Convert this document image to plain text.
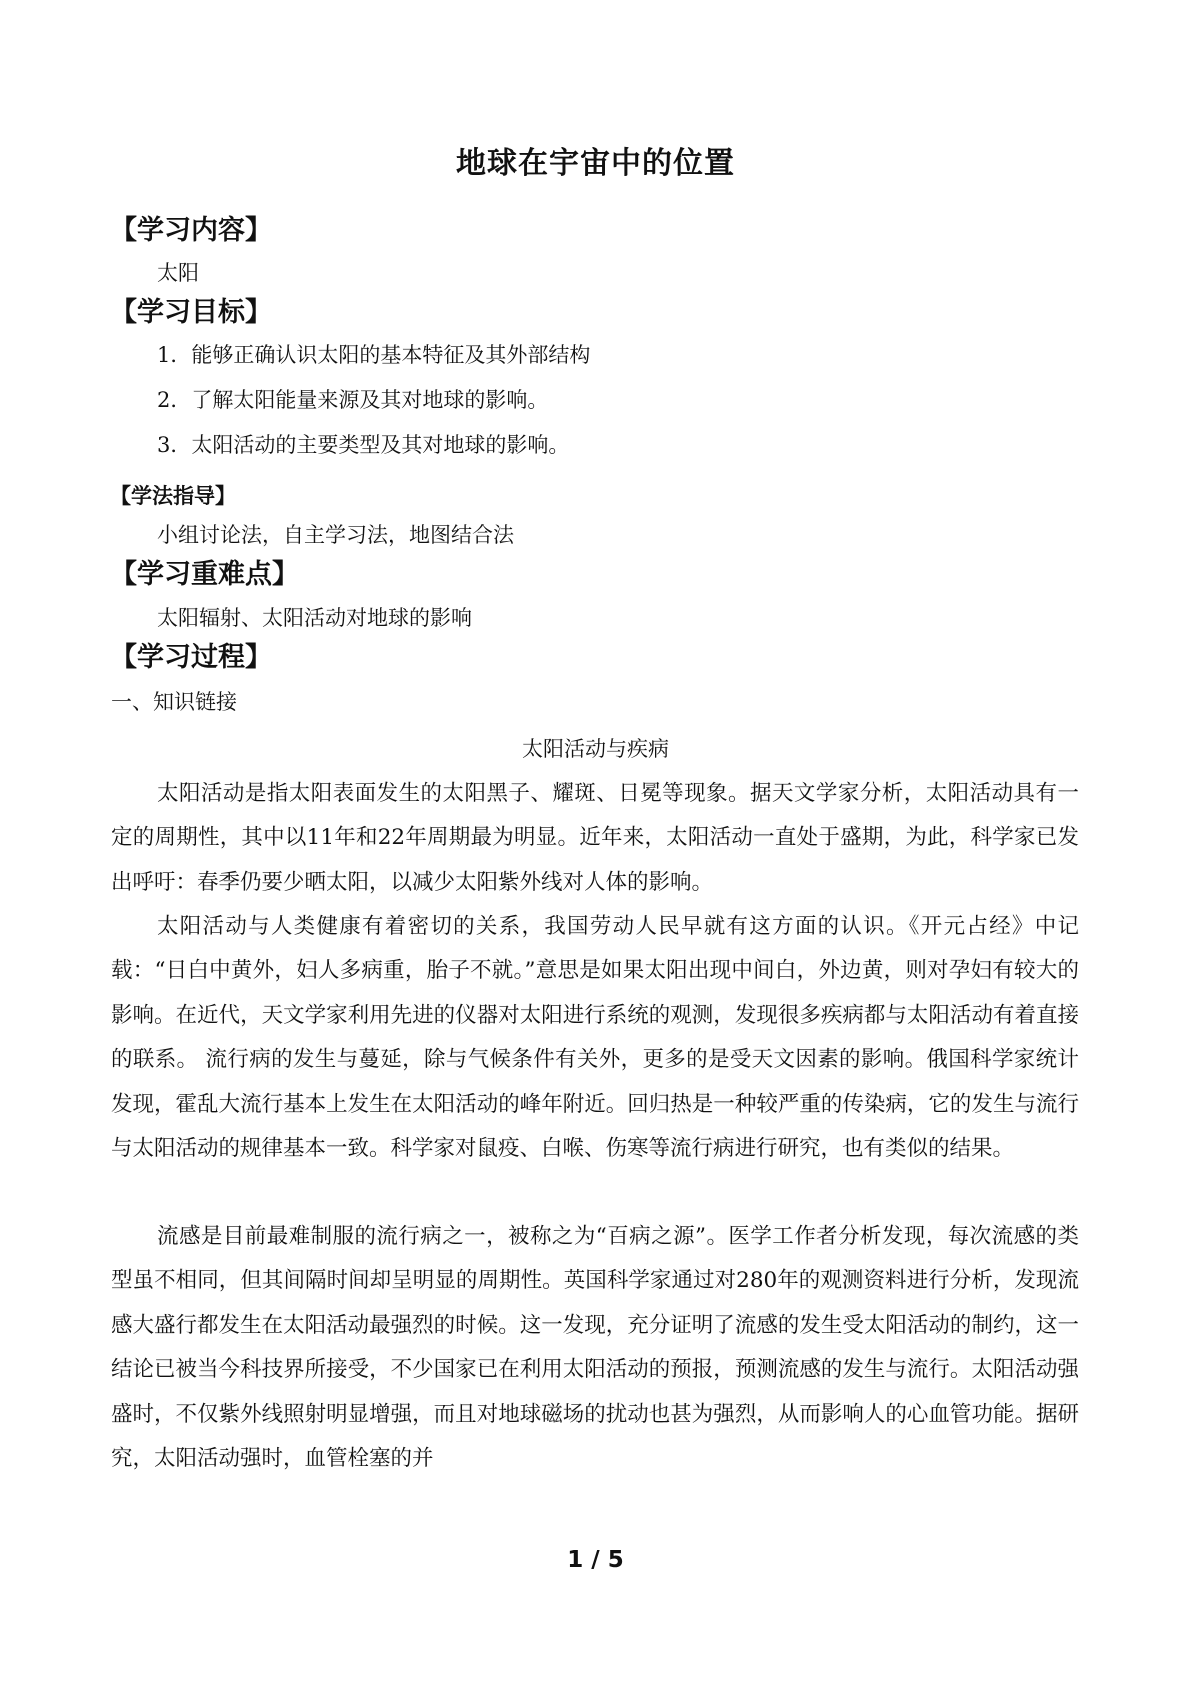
地球在宇宙中的位置
【学习内容】
太阳
【学习目标】
1．能够正确认识太阳的基本特征及其外部结构
2．了解太阳能量来源及其对地球的影响。
3．太阳活动的主要类型及其对地球的影响。
【学法指导】
小组讨论法，自主学习法，地图结合法
【学习重难点】
太阳辐射、太阳活动对地球的影响
【学习过程】
一、知识链接
太阳活动与疾病

太阳活动是指太阳表面发生的太阳黑子、耀斑、日冕等现象。据天文学家分析，太阳活动具有一定的周期性，其中以11年和22年周期最为明显。近年来，太阳活动一直处于盛期，为此，科学家已发出呼吁：春季仍要少晒太阳，以减少太阳紫外线对人体的影响。

太阳活动与人类健康有着密切的关系，我国劳动人民早就有这方面的认识。《开元占经》中记载：“日白中黄外，妇人多病重，胎子不就。”意思是如果太阳出现中间白，外边黄，则对孕妇有较大的影响。在近代，天文学家利用先进的仪器对太阳进行系统的观测，发现很多疾病都与太阳活动有着直接的联系。 流行病的发生与蔓延，除与气候条件有关外，更多的是受天文因素的影响。俄国科学家统计发现，霍乱大流行基本上发生在太阳活动的峰年附近。回归热是一种较严重的传染病，它的发生与流行与太阳活动的规律基本一致。科学家对鼠疫、白喉、伤寒等流行病进行研究，也有类似的结果。

流感是目前最难制服的流行病之一，被称之为“百病之源”。医学工作者分析发现，每次流感的类型虽不相同，但其间隔时间却呈明显的周期性。英国科学家通过对280年的观测资料进行分析，发现流感大盛行都发生在太阳活动最强烈的时候。这一发现，充分证明了流感的发生受太阳活动的制约，这一结论已被当今科技界所接受，不少国家已在利用太阳活动的预报，预测流感的发生与流行。太阳活动强盛时，不仅紫外线照射明显增强，而且对地球磁场的扰动也甚为强烈，从而影响人的心血管功能。据研究，太阳活动强时，血管栓塞的并

1 / 5
